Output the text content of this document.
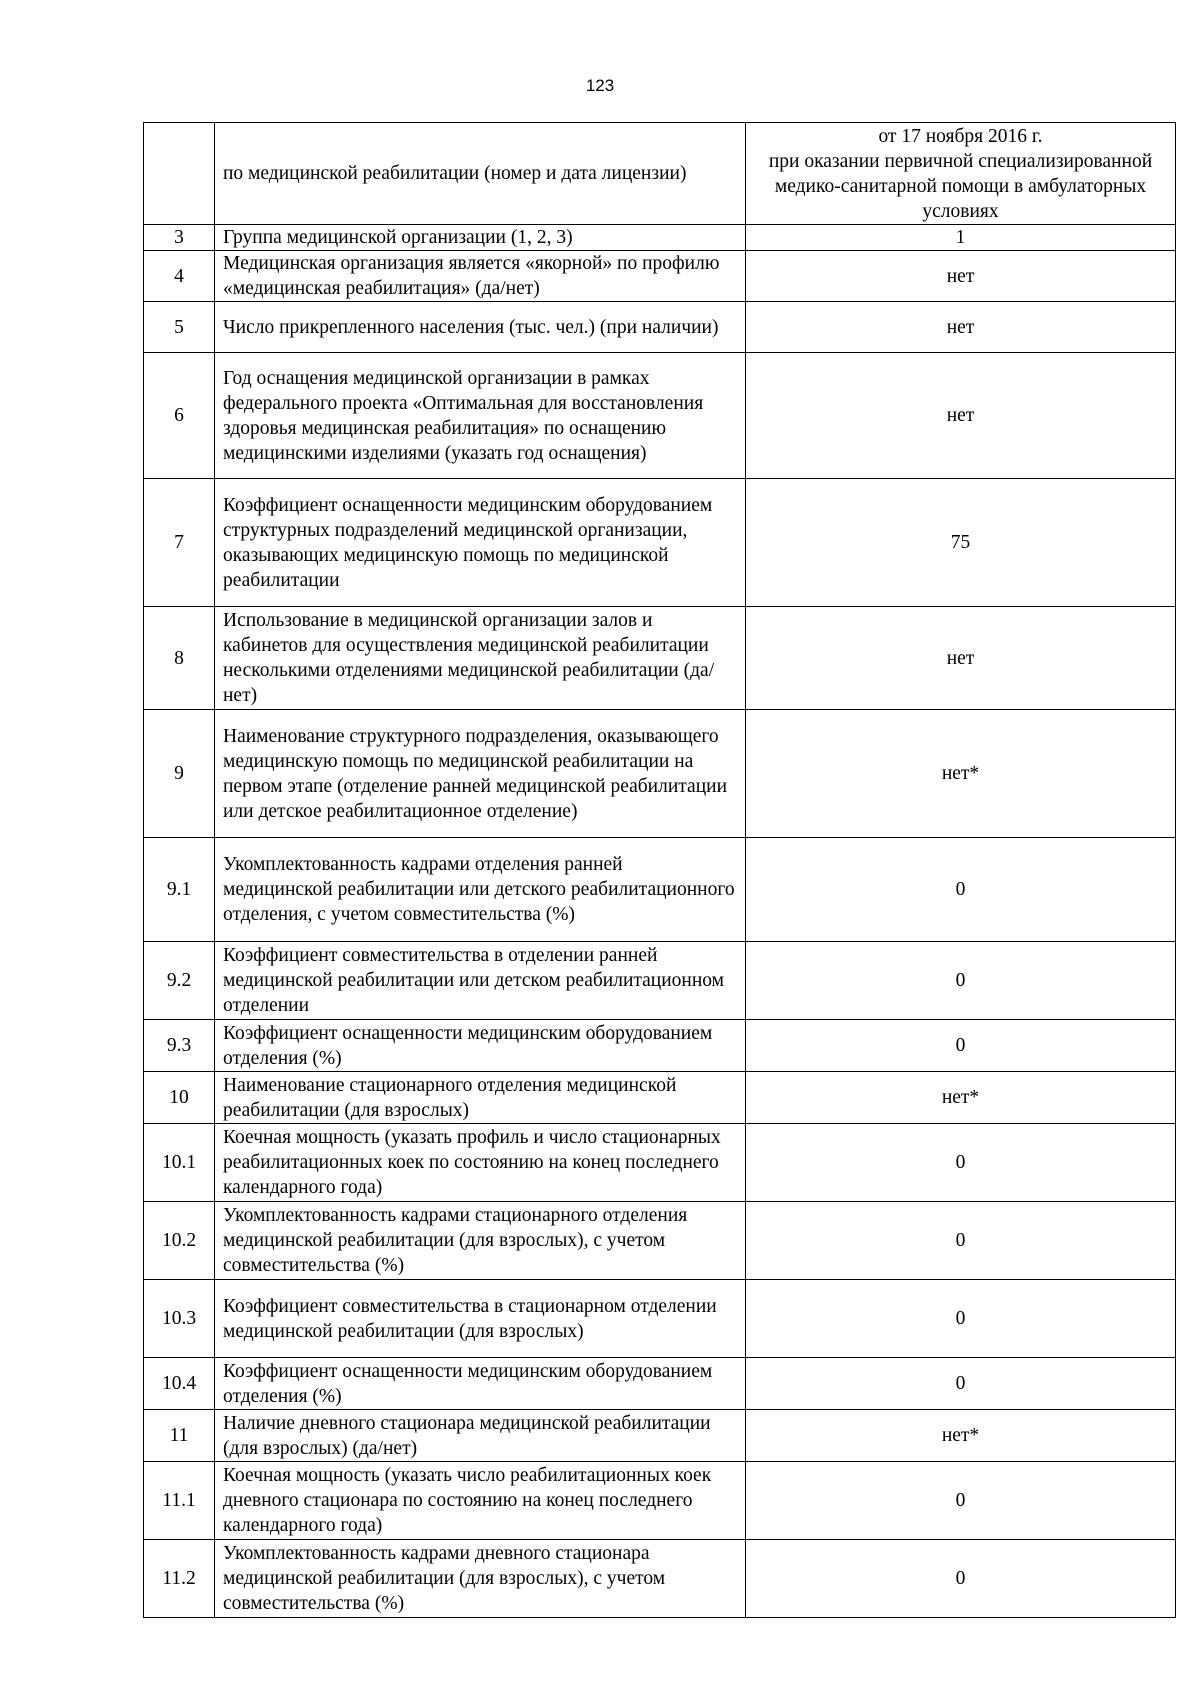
123
	по медицинской реабилитации (номер и дата лицензии)	от 17 ноября 2016 г.
при оказании первичной специализированной медико-санитарной помощи в амбулаторных условиях
3	Группа медицинской организации (1, 2, 3)	1
4	Медицинская организация является «якорной» по профилю «медицинская реабилитация» (да/нет)	нет
5	Число прикрепленного населения (тыс. чел.) (при наличии)	нет
6	Год оснащения медицинской организации в рамках федерального проекта «Оптимальная для восстановления здоровья медицинская реабилитация» по оснащению медицинскими изделиями (указать год оснащения)	нет
7	Коэффициент оснащенности медицинским оборудованием структурных подразделений медицинской организации, оказывающих медицинскую помощь по медицинской реабилитации	75
8	Использование в медицинской организации залов и кабинетов для осуществления медицинской реабилитации несколькими отделениями медицинской реабилитации (да/нет)	нет
9	Наименование структурного подразделения, оказывающего медицинскую помощь по медицинской реабилитации на первом этапе (отделение ранней медицинской реабилитации или детское реабилитационное отделение)	нет*
9.1	Укомплектованность кадрами отделения ранней медицинской реабилитации или детского реабилитационного отделения, с учетом совместительства (%)	0
9.2	Коэффициент совместительства в отделении ранней медицинской реабилитации или детском реабилитационном отделении	0
9.3	Коэффициент оснащенности медицинским оборудованием отделения (%)	0
10	Наименование стационарного отделения медицинской реабилитации (для взрослых)	нет*
10.1	Коечная мощность (указать профиль и число стационарных реабилитационных коек по состоянию на конец последнего календарного года)	0
10.2	Укомплектованность кадрами стационарного отделения медицинской реабилитации (для взрослых), с учетом совместительства (%)	0
10.3	Коэффициент совместительства в стационарном отделении медицинской реабилитации (для взрослых)	0
10.4	Коэффициент оснащенности медицинским оборудованием отделения (%)	0
11	Наличие дневного стационара медицинской реабилитации (для взрослых) (да/нет)	нет*
11.1	Коечная мощность (указать число реабилитационных коек дневного стационара по состоянию на конец последнего календарного года)	0
11.2	Укомплектованность кадрами дневного стационара медицинской реабилитации (для взрослых), с учетом совместительства (%)	0
